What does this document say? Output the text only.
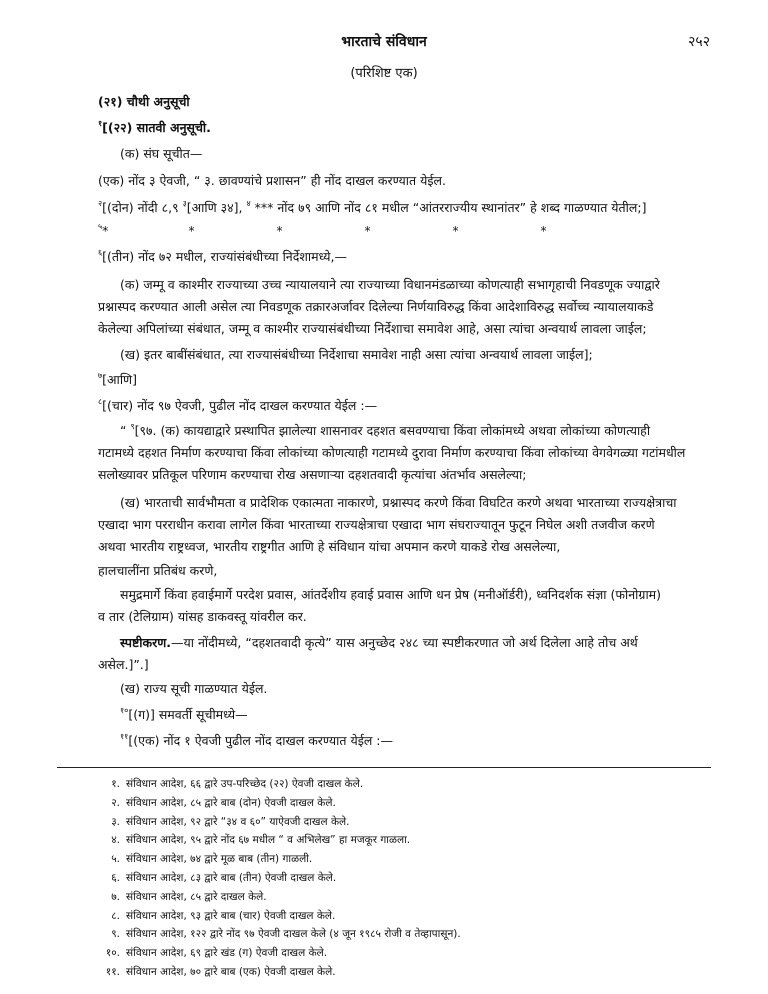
भारताचे संविधान	२५२
(परिशिष्ट एक)
(२१) चौथी अनुसूची
$^१$[(२२) सातवी अनुसूची.
(क) संघ सूचीत—
(एक) नोंद ३ ऐवजी, “ ३. छावण्यांचे प्रशासन” ही नोंद दाखल करण्यात येईल.
$^२$[(दोन) नोंदी ८,९ $^३$[आणि ३४], $^४$ *** नोंद ७९ आणि नोंद ८१ मधील “आंतरराज्यीय स्थानांतर” हे शब्द गाळण्यात येतील;]
$^५$*	*	*	*	*	*
$^६$[(तीन) नोंद ७२ मधील, राज्यांसंबंधीच्या निर्देशामध्ये,—
(क) जम्मू व काश्मीर राज्याच्या उच्च न्यायालयाने त्या राज्याच्या विधानमंडळाच्या कोणत्याही सभागृहाची निवडणूक ज्याद्वारे
प्रश्नास्पद करण्यात आली असेल त्या निवडणूक तक्रारअर्जावर दिलेल्या निर्णयाविरुद्ध किंवा आदेशाविरुद्ध सर्वोच्च न्यायालयाकडे
केलेल्या अपिलांच्या संबंधात, जम्मू व काश्मीर राज्यासंबंधीच्या निर्देशाचा समावेश आहे, असा त्यांचा अन्वयार्थ लावला जाईल;
(ख) इतर बाबींसंबंधात, त्या राज्यासंबंधीच्या निर्देशाचा समावेश नाही असा त्यांचा अन्वयार्थ लावला जाईल];
$^७$[आणि]
$^८$[(चार) नोंद ९७ ऐवजी, पुढील नोंद दाखल करण्यात येईल :—
“ $^९$[९७. (क) कायद्याद्वारे प्रस्थापित झालेल्या शासनावर दहशत बसवण्याचा किंवा लोकांमध्ये अथवा लोकांच्या कोणत्याही
गटामध्ये दहशत निर्माण करण्याचा किंवा लोकांच्या कोणत्याही गटामध्ये दुरावा निर्माण करण्याचा किंवा लोकांच्या वेगवेगळ्या गटांमधील
सलोख्यावर प्रतिकूल परिणाम करण्याचा रोख असणाऱ्या दहशतवादी कृत्यांचा अंतर्भाव असलेल्या;
(ख) भारताची सार्वभौमता व प्रादेशिक एकात्मता नाकारणे, प्रश्नास्पद करणे किंवा विघटित करणे अथवा भारताच्या राज्यक्षेत्राचा
एखादा भाग परराधीन करावा लागेल किंवा भारताच्या राज्यक्षेत्राचा एखादा भाग संघराज्यातून फुटून निघेल अशी तजवीज करणे
अथवा भारतीय राष्ट्रध्वज, भारतीय राष्ट्रगीत आणि हे संविधान यांचा अपमान करणे याकडे रोख असलेल्या,
हालचालींना प्रतिबंध करणे,
समुद्रमार्गे किंवा हवाईमार्गे परदेश प्रवास, आंतर्देशीय हवाई प्रवास आणि धन प्रेष (मनीऑर्डरी), ध्वनिदर्शक संज्ञा (फोनोग्राम)
व तार (टेलिग्राम) यांसह डाकवस्तू यांवरील कर.
स्पष्टीकरण.—या नोंदीमध्ये, “दहशतवादी कृत्ये” यास अनुच्छेद २४८ च्या स्पष्टीकरणात जो अर्थ दिलेला आहे तोच अर्थ
असेल.]”.]
(ख) राज्य सूची गाळण्यात येईल.
$^{१०}$[(ग)] समवर्ती सूचीमध्ये—
$^{११}$[(एक) नोंद १ ऐवजी पुढील नोंद दाखल करण्यात येईल :—
१. संविधान आदेश, ६६ द्वारे उप-परिच्छेद (२२) ऐवजी दाखल केले.
२. संविधान आदेश, ८५ द्वारे बाब (दोन) ऐवजी दाखल केले.
३. संविधान आदेश, ९२ द्वारे “३४ व ६०” याऐवजी दाखल केले.
४. संविधान आदेश, ९५ द्वारे नोंद ६७ मधील “ व अभिलेख” हा मजकूर गाळला.
५. संविधान आदेश, ७४ द्वारे मूळ बाब (तीन) गाळली.
६. संविधान आदेश, ८३ द्वारे बाब (तीन) ऐवजी दाखल केले.
७. संविधान आदेश, ८५ द्वारे दाखल केले.
८. संविधान आदेश, ९३ द्वारे बाब (चार) ऐवजी दाखल केले.
९. संविधान आदेश, १२२ द्वारे नोंद ९७ ऐवजी दाखल केले (४ जून १९८५ रोजी व तेव्हापासून).
१०. संविधान आदेश, ६९ द्वारे खंड (ग) ऐवजी दाखल केले.
११. संविधान आदेश, ७० द्वारे बाब (एक) ऐवजी दाखल केले.
